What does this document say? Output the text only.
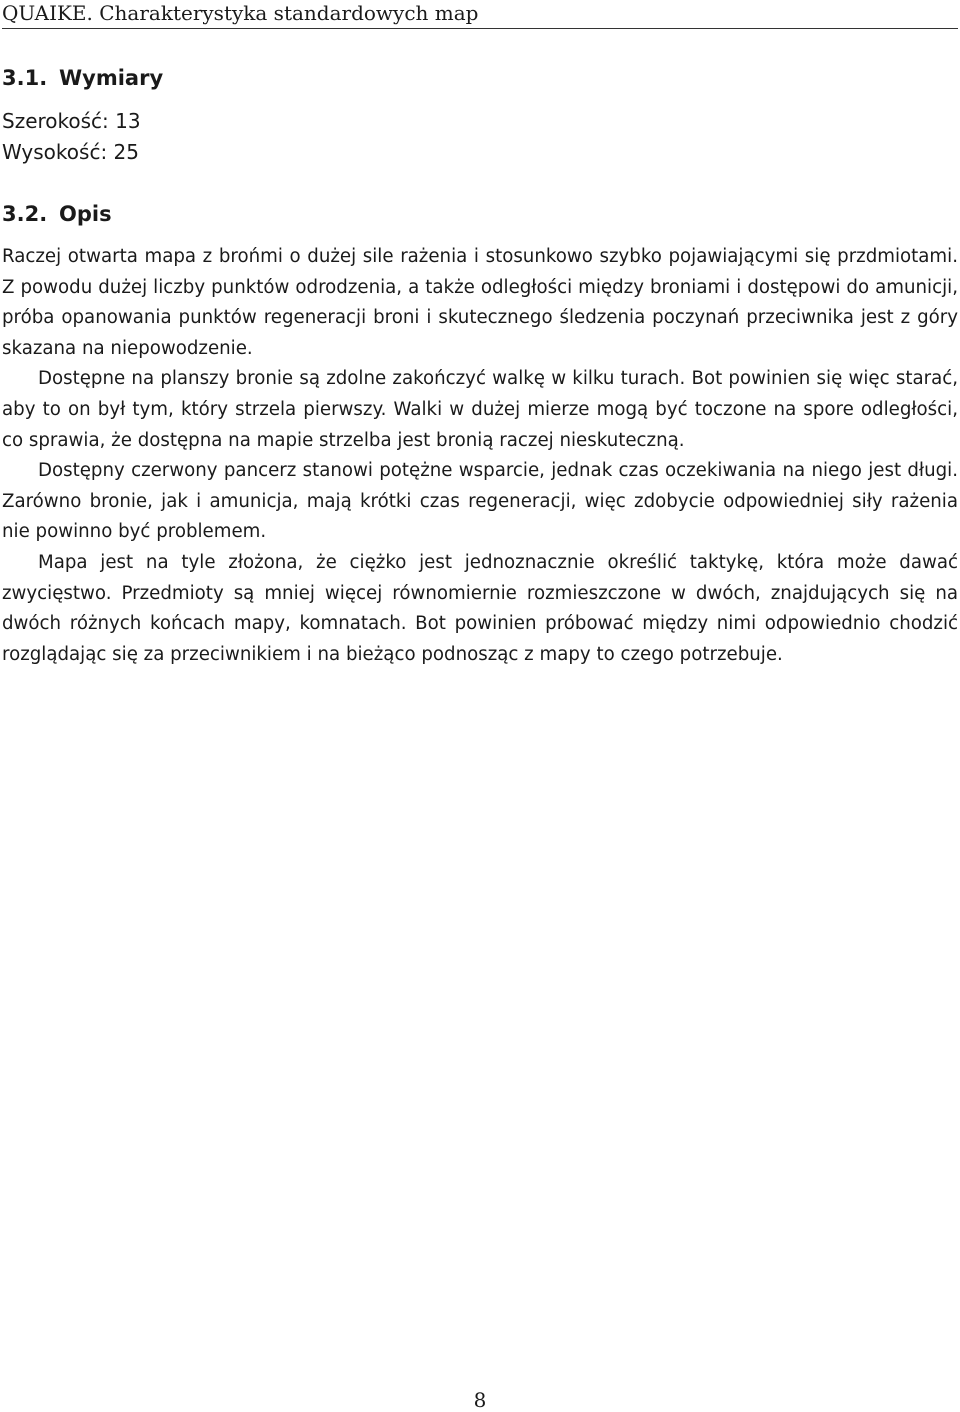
QUAIKE. Charakterystyka standardowych map
3.1. Wymiary
Szerokość: 13
Wysokość: 25
3.2. Opis

Raczej otwarta mapa z brońmi o dużej sile rażenia i stosunkowo szybko pojawiającymi się przdmiotami. Z powodu dużej liczby punktów odrodzenia, a także odległości między broniami i dostępowi do amunicji, próba opanowania punktów regeneracji broni i skutecznego śledzenia poczynań przeciwnika jest z góry skazana na niepowodzenie.

Dostępne na planszy bronie są zdolne zakończyć walkę w kilku turach. Bot powinien się więc starać, aby to on był tym, który strzela pierwszy. Walki w dużej mierze mogą być toczone na spore odległości, co sprawia, że dostępna na mapie strzelba jest bronią raczej nieskuteczną.

Dostępny czerwony pancerz stanowi potężne wsparcie, jednak czas oczekiwania na niego jest długi. Zarówno bronie, jak i amunicja, mają krótki czas regeneracji, więc zdobycie odpowiedniej siły rażenia nie powinno być problemem.

Mapa jest na tyle złożona, że ciężko jest jednoznacznie określić taktykę, która może dawać zwycięstwo. Przedmioty są mniej więcej równomiernie rozmieszczone w dwóch, znajdujących się na dwóch różnych końcach mapy, komnatach. Bot powinien próbować między nimi odpowiednio chodzić rozglądając się za przeciwnikiem i na bieżąco podnosząc z mapy to czego potrzebuje.

8
